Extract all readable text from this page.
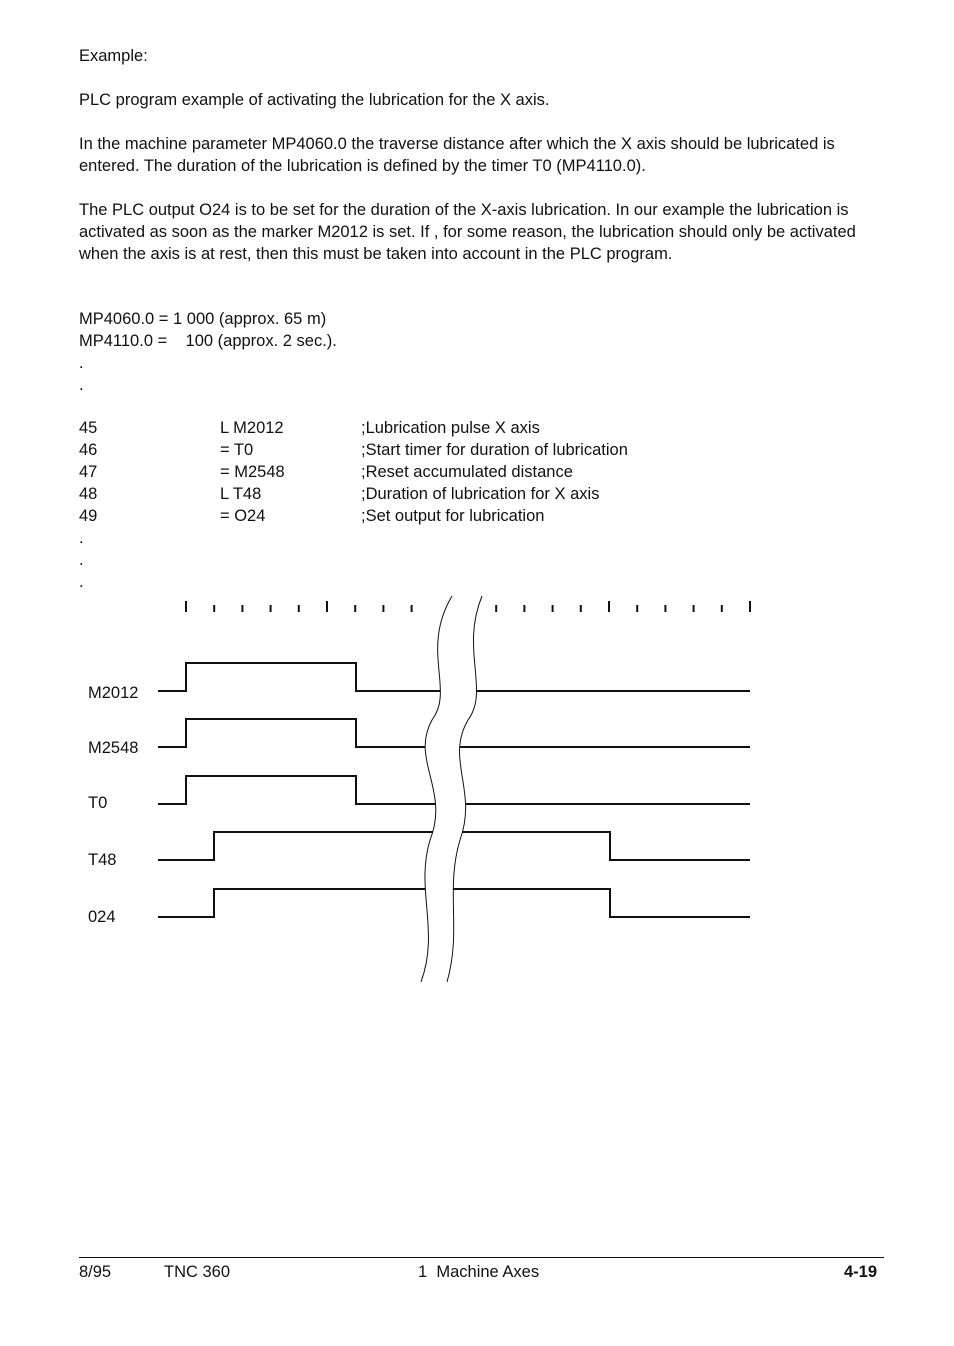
Example:
PLC program example of activating the lubrication for the X axis.
In the machine parameter MP4060.0 the traverse distance after which the X axis should be lubricated is entered. The duration of the lubrication is defined by the timer T0 (MP4110.0).
The PLC output O24 is to be set for the duration of the X-axis lubrication. In our example the lubrication is activated as soon as the marker M2012 is set. If , for some reason, the lubrication should only be activated when the axis is at rest, then this must be taken into account in the PLC program.
MP4060.0 = 1 000 (approx. 65 m)
MP4110.0 =    100 (approx. 2 sec.).
.
.
45	L M2012	;Lubrication pulse X axis
46	= T0	;Start timer for duration of lubrication
47	= M2548	;Reset accumulated distance
48	L T48	;Duration of lubrication for X axis
49	= O24	;Set output for lubrication
.
.
.
M2012
M2548
T0
T48
024
8/95	TNC 360	1  Machine Axes	4-19
